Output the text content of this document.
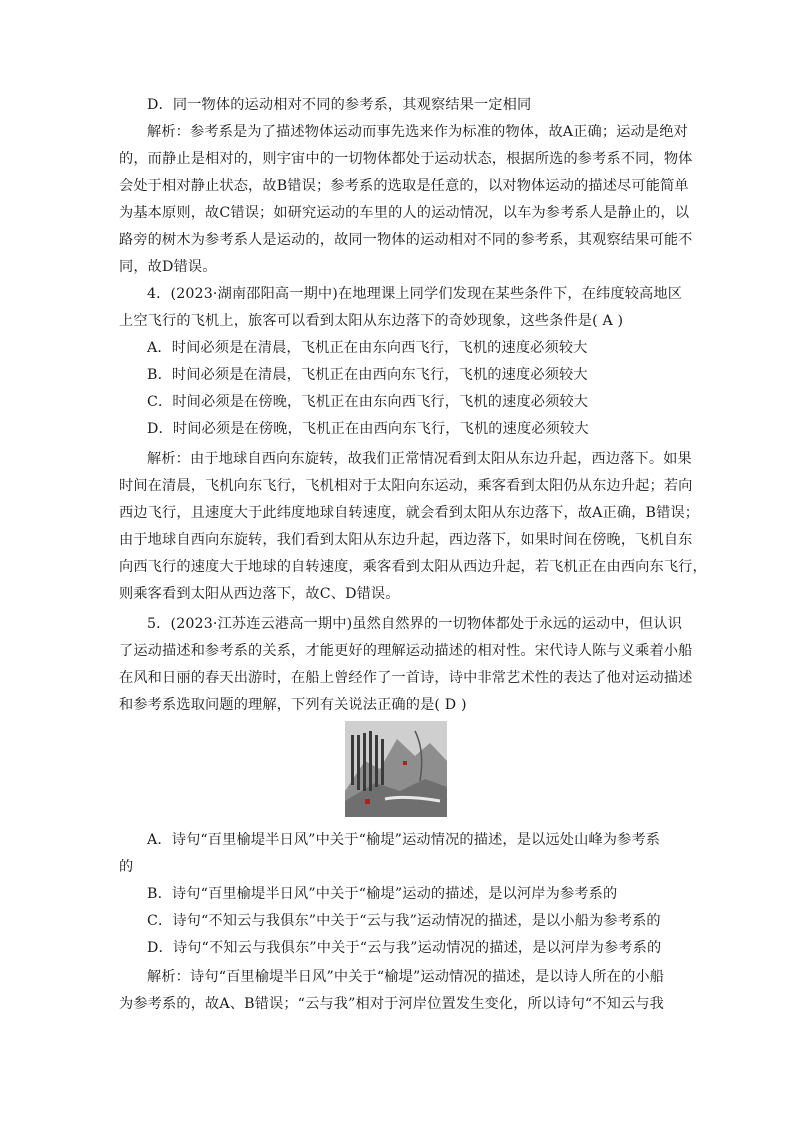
D．同一物体的运动相对不同的参考系，其观察结果一定相同
解析：参考系是为了描述物体运动而事先选来作为标准的物体，故A正确；运动是绝对
的，而静止是相对的，则宇宙中的一切物体都处于运动状态，根据所选的参考系不同，物体
会处于相对静止状态，故B错误；参考系的选取是任意的，以对物体运动的描述尽可能简单
为基本原则，故C错误；如研究运动的车里的人的运动情况，以车为参考系人是静止的，以
路旁的树木为参考系人是运动的，故同一物体的运动相对不同的参考系，其观察结果可能不
同，故D错误。
4．(2023·湖南邵阳高一期中)在地理课上同学们发现在某些条件下，在纬度较高地区
上空飞行的飞机上，旅客可以看到太阳从东边落下的奇妙现象，这些条件是( A )
A．时间必须是在清晨，飞机正在由东向西飞行，飞机的速度必须较大
B．时间必须是在清晨，飞机正在由西向东飞行，飞机的速度必须较大
C．时间必须是在傍晚，飞机正在由东向西飞行，飞机的速度必须较大
D．时间必须是在傍晚，飞机正在由西向东飞行，飞机的速度必须较大
解析：由于地球自西向东旋转，故我们正常情况看到太阳从东边升起，西边落下。如果
时间在清晨，飞机向东飞行，飞机相对于太阳向东运动，乘客看到太阳仍从东边升起；若向
西边飞行，且速度大于此纬度地球自转速度，就会看到太阳从东边落下，故A正确，B错误；
由于地球自西向东旋转，我们看到太阳从东边升起，西边落下，如果时间在傍晚，飞机自东
向西飞行的速度大于地球的自转速度，乘客看到太阳从西边升起，若飞机正在由西向东飞行，
则乘客看到太阳从西边落下，故C、D错误。
5．(2023·江苏连云港高一期中)虽然自然界的一切物体都处于永远的运动中，但认识
了运动描述和参考系的关系，才能更好的理解运动描述的相对性。宋代诗人陈与义乘着小船
在风和日丽的春天出游时，在船上曾经作了一首诗，诗中非常艺术性的表达了他对运动描述
和参考系选取问题的理解，下列有关说法正确的是( D )
A．诗句“百里榆堤半日风”中关于“榆堤”运动情况的描述，是以远处山峰为参考系
的
B．诗句“百里榆堤半日风”中关于“榆堤”运动的描述，是以河岸为参考系的
C．诗句“不知云与我俱东”中关于“云与我”运动情况的描述，是以小船为参考系的
D．诗句“不知云与我俱东”中关于“云与我”运动情况的描述，是以河岸为参考系的
解析：诗句“百里榆堤半日风”中关于“榆堤”运动情况的描述，是以诗人所在的小船
为参考系的，故A、B错误；“云与我”相对于河岸位置发生变化，所以诗句“不知云与我
